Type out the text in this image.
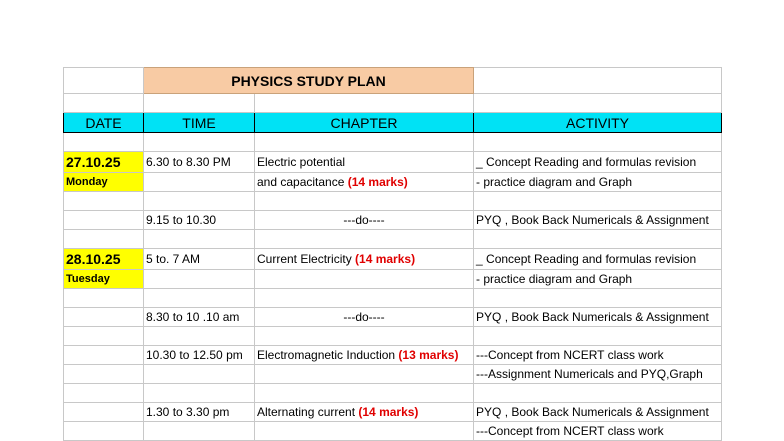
	PHYSICS STUDY PLAN		

DATE	TIME	CHAPTER	ACTIVITY

27.10.25	6.30 to 8.30 PM	Electric potential	_ Concept Reading and formulas revision
Monday		and capacitance (14 marks)	- practice diagram and Graph

	9.15 to 10.30	---do----	PYQ , Book Back Numericals & Assignment

28.10.25	5 to. 7 AM	Current Electricity (14 marks)	_ Concept Reading and formulas revision
Tuesday			- practice diagram and Graph

	8.30 to 10 .10 am	---do----	PYQ , Book Back Numericals & Assignment

	10.30 to 12.50 pm	Electromagnetic Induction (13 marks)	---Concept from NCERT class work
			---Assignment Numericals and PYQ,Graph

	1.30 to 3.30 pm	Alternating current (14 marks)	PYQ , Book Back Numericals & Assignment
			---Concept from NCERT class work
